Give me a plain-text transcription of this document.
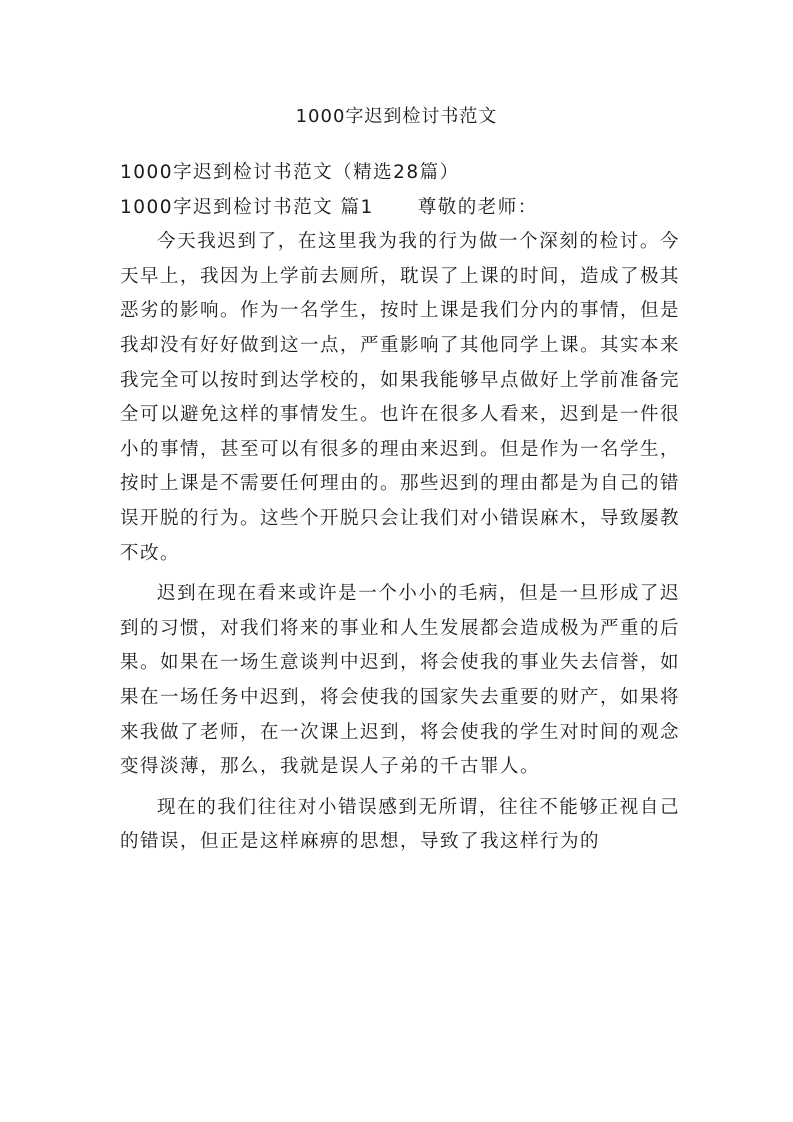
1000字迟到检讨书范文

1000字迟到检讨书范文（精选28篇）

1000字迟到检讨书范文 篇1 尊敬的老师：

今天我迟到了，在这里我为我的行为做一个深刻的检讨。今天早上，我因为上学前去厕所，耽误了上课的时间，造成了极其恶劣的影响。作为一名学生，按时上课是我们分内的事情，但是我却没有好好做到这一点，严重影响了其他同学上课。其实本来我完全可以按时到达学校的，如果我能够早点做好上学前准备完全可以避免这样的事情发生。也许在很多人看来，迟到是一件很小的事情，甚至可以有很多的理由来迟到。但是作为一名学生，按时上课是不需要任何理由的。那些迟到的理由都是为自己的错误开脱的行为。这些个开脱只会让我们对小错误麻木，导致屡教不改。

迟到在现在看来或许是一个小小的毛病，但是一旦形成了迟到的习惯，对我们将来的事业和人生发展都会造成极为严重的后果。如果在一场生意谈判中迟到，将会使我的事业失去信誉，如果在一场任务中迟到，将会使我的国家失去重要的财产，如果将来我做了老师，在一次课上迟到，将会使我的学生对时间的观念变得淡薄，那么，我就是误人子弟的千古罪人。

现在的我们往往对小错误感到无所谓，往往不能够正视自己的错误，但正是这样麻痹的思想，导致了我这样行为的
